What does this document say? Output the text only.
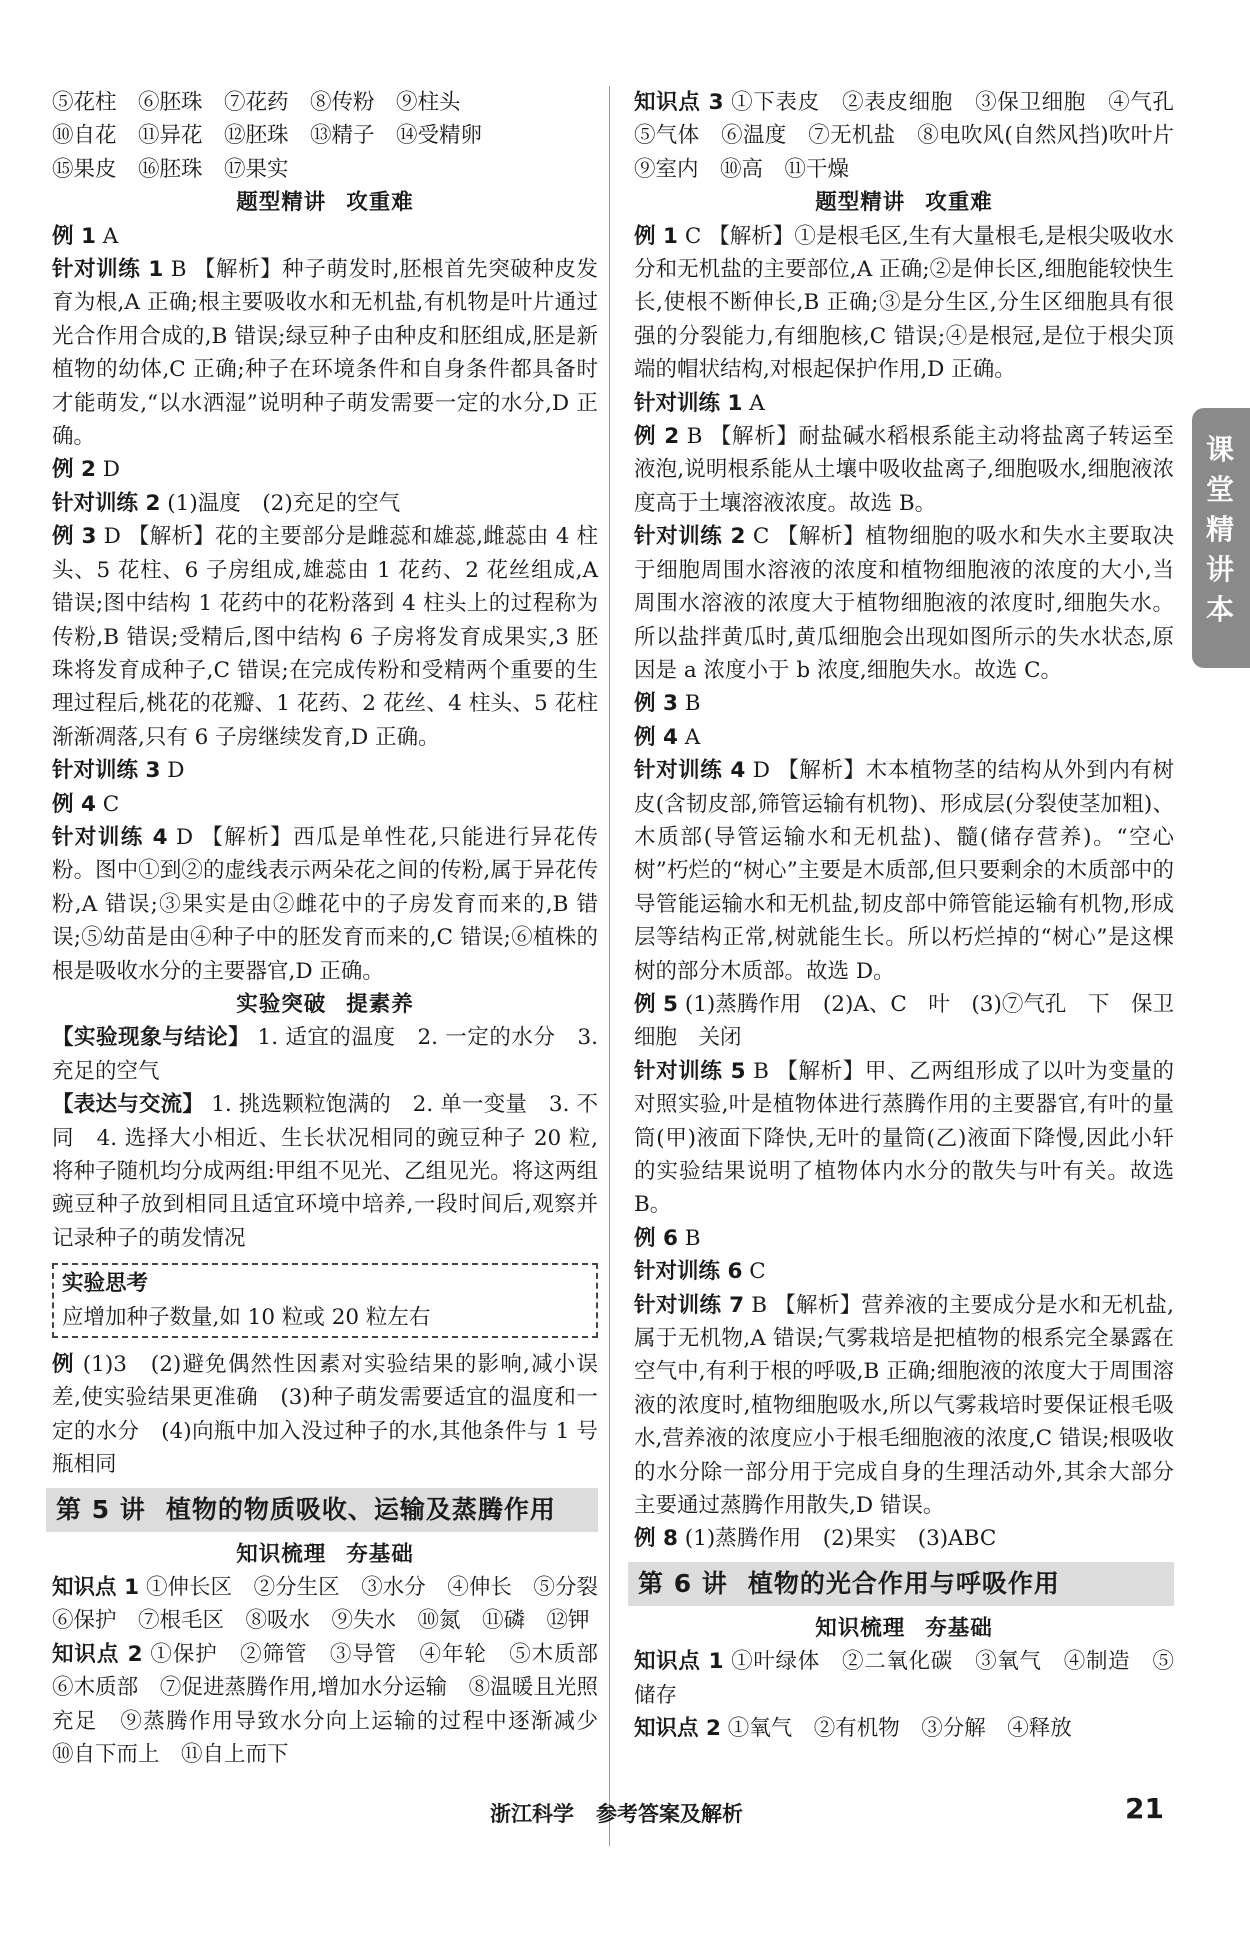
⑤花柱　⑥胚珠　⑦花药　⑧传粉　⑨柱头

⑩自花　⑪异花　⑫胚珠　⑬精子　⑭受精卵

⑮果皮　⑯胚珠　⑰果实

题型精讲 攻重难

例 1 A

针对训练 1 B 【解析】种子萌发时,胚根首先突破种皮发育为根,A 正确;根主要吸收水和无机盐,有机物是叶片通过光合作用合成的,B 错误;绿豆种子由种皮和胚组成,胚是新植物的幼体,C 正确;种子在环境条件和自身条件都具备时才能萌发,“以水洒湿”说明种子萌发需要一定的水分,D 正确。

例 2 D

针对训练 2 (1)温度　(2)充足的空气

例 3 D 【解析】花的主要部分是雌蕊和雄蕊,雌蕊由 4 柱头、5 花柱、6 子房组成,雄蕊由 1 花药、2 花丝组成,A 错误;图中结构 1 花药中的花粉落到 4 柱头上的过程称为传粉,B 错误;受精后,图中结构 6 子房将发育成果实,3 胚珠将发育成种子,C 错误;在完成传粉和受精两个重要的生理过程后,桃花的花瓣、1 花药、2 花丝、4 柱头、5 花柱渐渐凋落,只有 6 子房继续发育,D 正确。

针对训练 3 D

例 4 C

针对训练 4 D 【解析】西瓜是单性花,只能进行异花传粉。图中①到②的虚线表示两朵花之间的传粉,属于异花传粉,A 错误;③果实是由②雌花中的子房发育而来的,B 错误;⑤幼苗是由④种子中的胚发育而来的,C 错误;⑥植株的根是吸收水分的主要器官,D 正确。

实验突破 提素养

【实验现象与结论】 1. 适宜的温度　2. 一定的水分　3. 充足的空气

【表达与交流】 1. 挑选颗粒饱满的　2. 单一变量　3. 不同　4. 选择大小相近、生长状况相同的豌豆种子 20 粒,将种子随机均分成两组:甲组不见光、乙组见光。将这两组豌豆种子放到相同且适宜环境中培养,一段时间后,观察并记录种子的萌发情况

实验思考
应增加种子数量,如 10 粒或 20 粒左右

例 (1)3　(2)避免偶然性因素对实验结果的影响,减小误差,使实验结果更准确　(3)种子萌发需要适宜的温度和一定的水分　(4)向瓶中加入没过种子的水,其他条件与 1 号瓶相同

第 5 讲 植物的物质吸收、运输及蒸腾作用

知识梳理 夯基础

知识点 1 ①伸长区　②分生区　③水分　④伸长　⑤分裂　⑥保护　⑦根毛区　⑧吸水　⑨失水　⑩氮　⑪磷　⑫钾

知识点 2 ①保护　②筛管　③导管　④年轮　⑤木质部　⑥木质部　⑦促进蒸腾作用,增加水分运输　⑧温暖且光照充足　⑨蒸腾作用导致水分向上运输的过程中逐渐减少　⑩自下而上　⑪自上而下

知识点 3 ①下表皮　②表皮细胞　③保卫细胞　④气孔　⑤气体　⑥温度　⑦无机盐　⑧电吹风(自然风挡)吹叶片　⑨室内　⑩高　⑪干燥

题型精讲 攻重难

例 1 C 【解析】①是根毛区,生有大量根毛,是根尖吸收水分和无机盐的主要部位,A 正确;②是伸长区,细胞能较快生长,使根不断伸长,B 正确;③是分生区,分生区细胞具有很强的分裂能力,有细胞核,C 错误;④是根冠,是位于根尖顶端的帽状结构,对根起保护作用,D 正确。

针对训练 1 A

例 2 B 【解析】耐盐碱水稻根系能主动将盐离子转运至液泡,说明根系能从土壤中吸收盐离子,细胞吸水,细胞液浓度高于土壤溶液浓度。故选 B。

针对训练 2 C 【解析】植物细胞的吸水和失水主要取决于细胞周围水溶液的浓度和植物细胞液的浓度的大小,当周围水溶液的浓度大于植物细胞液的浓度时,细胞失水。所以盐拌黄瓜时,黄瓜细胞会出现如图所示的失水状态,原因是 a 浓度小于 b 浓度,细胞失水。故选 C。

例 3 B

例 4 A

针对训练 4 D 【解析】木本植物茎的结构从外到内有树皮(含韧皮部,筛管运输有机物)、形成层(分裂使茎加粗)、木质部(导管运输水和无机盐)、髓(储存营养)。“空心树”朽烂的“树心”主要是木质部,但只要剩余的木质部中的导管能运输水和无机盐,韧皮部中筛管能运输有机物,形成层等结构正常,树就能生长。所以朽烂掉的“树心”是这棵树的部分木质部。故选 D。

例 5 (1)蒸腾作用　(2)A、C　叶　(3)⑦气孔　下　保卫细胞　关闭

针对训练 5 B 【解析】甲、乙两组形成了以叶为变量的对照实验,叶是植物体进行蒸腾作用的主要器官,有叶的量筒(甲)液面下降快,无叶的量筒(乙)液面下降慢,因此小轩的实验结果说明了植物体内水分的散失与叶有关。故选 B。

例 6 B

针对训练 6 C

针对训练 7 B 【解析】营养液的主要成分是水和无机盐,属于无机物,A 错误;气雾栽培是把植物的根系完全暴露在空气中,有利于根的呼吸,B 正确;细胞液的浓度大于周围溶液的浓度时,植物细胞吸水,所以气雾栽培时要保证根毛吸水,营养液的浓度应小于根毛细胞液的浓度,C 错误;根吸收的水分除一部分用于完成自身的生理活动外,其余大部分主要通过蒸腾作用散失,D 错误。

例 8 (1)蒸腾作用　(2)果实　(3)ABC

第 6 讲 植物的光合作用与呼吸作用

知识梳理 夯基础

知识点 1 ①叶绿体　②二氧化碳　③氧气　④制造　⑤储存

知识点 2 ①氧气　②有机物　③分解　④释放

课堂精讲本
浙江科学 参考答案及解析	21
